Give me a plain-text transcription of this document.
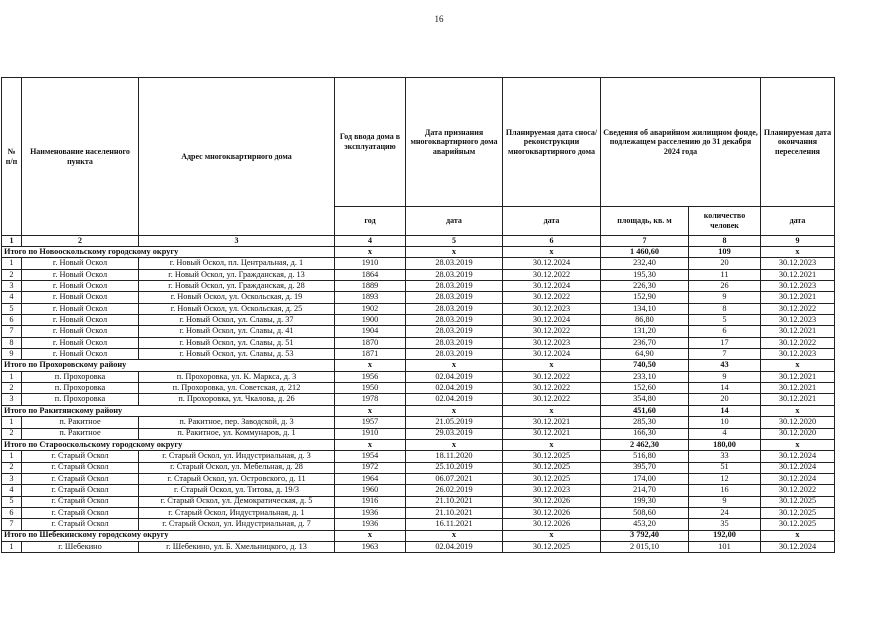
16
№ п/п	Наименование населенного пункта	Адрес многоквартирного дома	Год ввода дома в эксплуатацию	Дата признания многоквартирного дома аварийным	Планируемая дата сноса/ реконструкции многоквартирного дома	Сведения об аварийном жилищном фонде, подлежащем расселению до 31 декабря 2024 года		Планируемая дата окончания переселения
			год	дата	дата	площадь, кв. м	количество человек	дата
1	2	3	4	5	6	7	8	9
Итого по Новооскольскому городскому округу			x	x	x	1 460,60	109	x
1	г. Новый Оскол	г. Новый Оскол, пл. Центральная, д. 1	1910	28.03.2019	30.12.2024	232,40	20	30.12.2023
2	г. Новый Оскол	г. Новый Оскол, ул. Гражданская, д. 13	1864	28.03.2019	30.12.2022	195,30	11	30.12.2021
3	г. Новый Оскол	г. Новый Оскол, ул. Гражданская, д. 28	1889	28.03.2019	30.12.2024	226,30	26	30.12.2023
4	г. Новый Оскол	г. Новый Оскол, ул. Оскольская, д. 19	1893	28.03.2019	30.12.2022	152,90	9	30.12.2021
5	г. Новый Оскол	г. Новый Оскол, ул. Оскольская, д. 25	1902	28.03.2019	30.12.2023	134,10	8	30.12.2022
6	г. Новый Оскол	г. Новый Оскол, ул. Славы, д. 37	1900	28.03.2019	30.12.2024	86,80	5	30.12.2023
7	г. Новый Оскол	г. Новый Оскол, ул. Славы, д. 41	1904	28.03.2019	30.12.2022	131,20	6	30.12.2021
8	г. Новый Оскол	г. Новый Оскол, ул. Славы, д. 51	1870	28.03.2019	30.12.2023	236,70	17	30.12.2022
9	г. Новый Оскол	г. Новый Оскол, ул. Славы, д. 53	1871	28.03.2019	30.12.2024	64,90	7	30.12.2023
Итого по Прохоровскому району			x	x	x	740,50	43	x
1	п. Прохоровка	п. Прохоровка, ул. К. Маркса, д. 3	1956	02.04.2019	30.12.2022	233,10	9	30.12.2021
2	п. Прохоровка	п. Прохоровка, ул. Советская, д. 212	1950	02.04.2019	30.12.2022	152,60	14	30.12.2021
3	п. Прохоровка	п. Прохоровка, ул. Чкалова, д. 26	1978	02.04.2019	30.12.2022	354,80	20	30.12.2021
Итого по Ракитянскому району			x	x	x	451,60	14	x
1	п. Ракитное	п. Ракитное, пер. Заводской, д. 3	1957	21.05.2019	30.12.2021	285,30	10	30.12.2020
2	п. Ракитное	п. Ракитное, ул. Коммунаров, д. 1	1910	29.03.2019	30.12.2021	166,30	4	30.12.2020
Итого по Старооскольскому городскому округу			x	x	x	2 462,30	180,00	x
1	г. Старый Оскол	г. Старый Оскол, ул. Индустриальная, д. 3	1954	18.11.2020	30.12.2025	516,80	33	30.12.2024
2	г. Старый Оскол	г. Старый Оскол, ул. Мебельная, д. 28	1972	25.10.2019	30.12.2025	395,70	51	30.12.2024
3	г. Старый Оскол	г. Старый Оскол, ул. Островского, д. 11	1964	06.07.2021	30.12.2025	174,00	12	30.12.2024
4	г. Старый Оскол	г. Старый Оскол, ул. Титова, д. 19/3	1960	26.02.2019	30.12.2023	214,70	16	30.12.2022
5	г. Старый Оскол	г. Старый Оскол, ул. Демократическая, д. 5	1916	21.10.2021	30.12.2026	199,30	9	30.12.2025
6	г. Старый Оскол	г. Старый Оскол, Индустриальная, д. 1	1936	21.10.2021	30.12.2026	508,60	24	30.12.2025
7	г. Старый Оскол	г. Старый Оскол, ул. Индустриальная, д. 7	1936	16.11.2021	30.12.2026	453,20	35	30.12.2025
Итого по Шебекинскому городскому округу			x	x	x	3 792,40	192,00	x
1	г. Шебекино	г. Шебекино, ул. Б. Хмельницкого, д. 13	1963	02.04.2019	30.12.2025	2 015,10	101	30.12.2024
